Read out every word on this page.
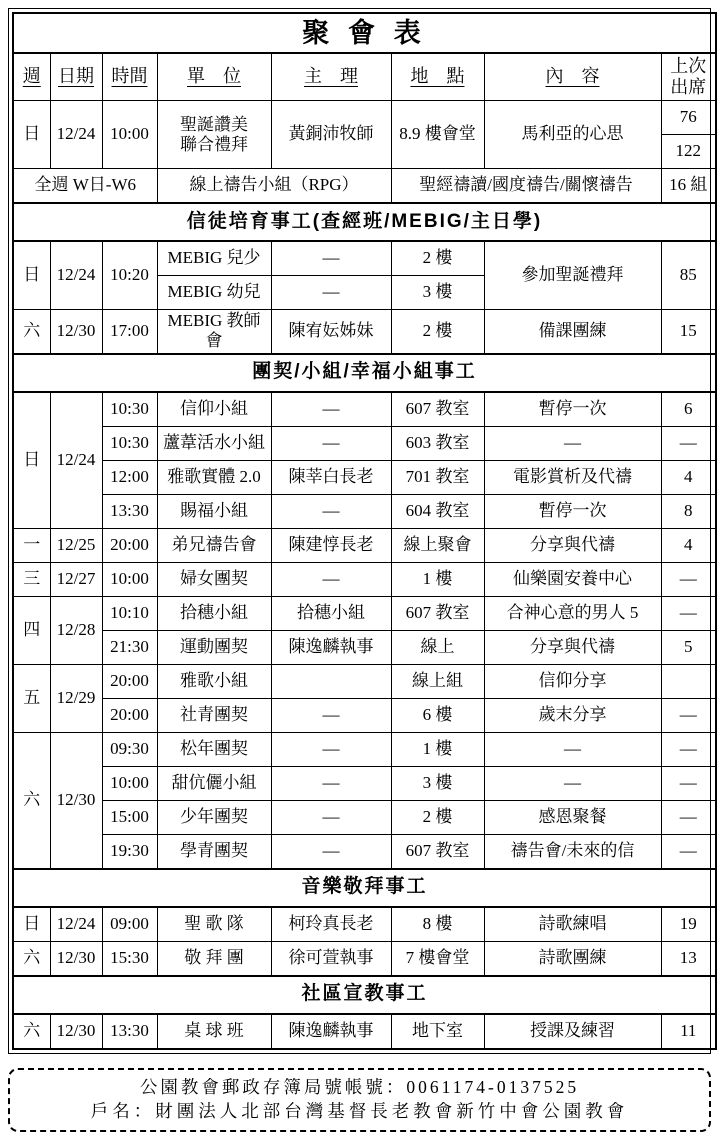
聚 會 表							
週	日期	時間	單　位	主　理	地　點	內　容	上次
出席

日	12/24	10:00	聖誕讚美
聯合禮拜	黃銅沛牧師	8.9 樓會堂	馬利亞的心思	76
							122
全週 W日-W6			線上禱告小組（RPG）		聖經禱讀/國度禱告/關懷禱告		16 組
信徒培育事工(查經班/MEBIG/主日學)							
日	12/24	10:20	MEBIG 兒少	—	2 樓	參加聖誕禮拜	85
			MEBIG 幼兒	—	3 樓		
六	12/30	17:00	MEBIG 教師會	陳宥妘姊妹	2 樓	備課團練	15
團契/小組/幸福小組事工							
日	12/24	10:30	信仰小組	—	607 教室	暫停一次	6
		10:30	蘆葦活水小組	—	603 教室	—	—
		12:00	雅歌實體 2.0	陳莘白長老	701 教室	電影賞析及代禱	4
		13:30	賜福小組	—	604 教室	暫停一次	8
一	12/25	20:00	弟兄禱告會	陳建惇長老	線上聚會	分享與代禱	4
三	12/27	10:00	婦女團契	—	1 樓	仙樂園安養中心	—
四	12/28	10:10	拾穗小組	拾穗小組	607 教室	合神心意的男人 5	—
		21:30	運動團契	陳逸麟執事	線上	分享與代禱	5
五	12/29	20:00	雅歌小組		線上組	信仰分享	
		20:00	社青團契	—	6 樓	歲末分享	—
六	12/30	09:30	松年團契	—	1 樓	—	—
		10:00	甜伉儷小組	—	3 樓	—	—
		15:00	少年團契	—	2 樓	感恩聚餐	—
		19:30	學青團契	—	607 教室	禱告會/未來的信	—
音樂敬拜事工							
日	12/24	09:00	聖 歌 隊	柯玲真長老	8 樓	詩歌練唱	19
六	12/30	15:30	敬 拜 團	徐可萱執事	7 樓會堂	詩歌團練	13
社區宣教事工							
六	12/30	13:30	桌 球 班	陳逸麟執事	地下室	授課及練習	11
公園教會郵政存簿局號帳號：0061174-0137525
戶名：財團法人北部台灣基督長老教會新竹中會公園教會
